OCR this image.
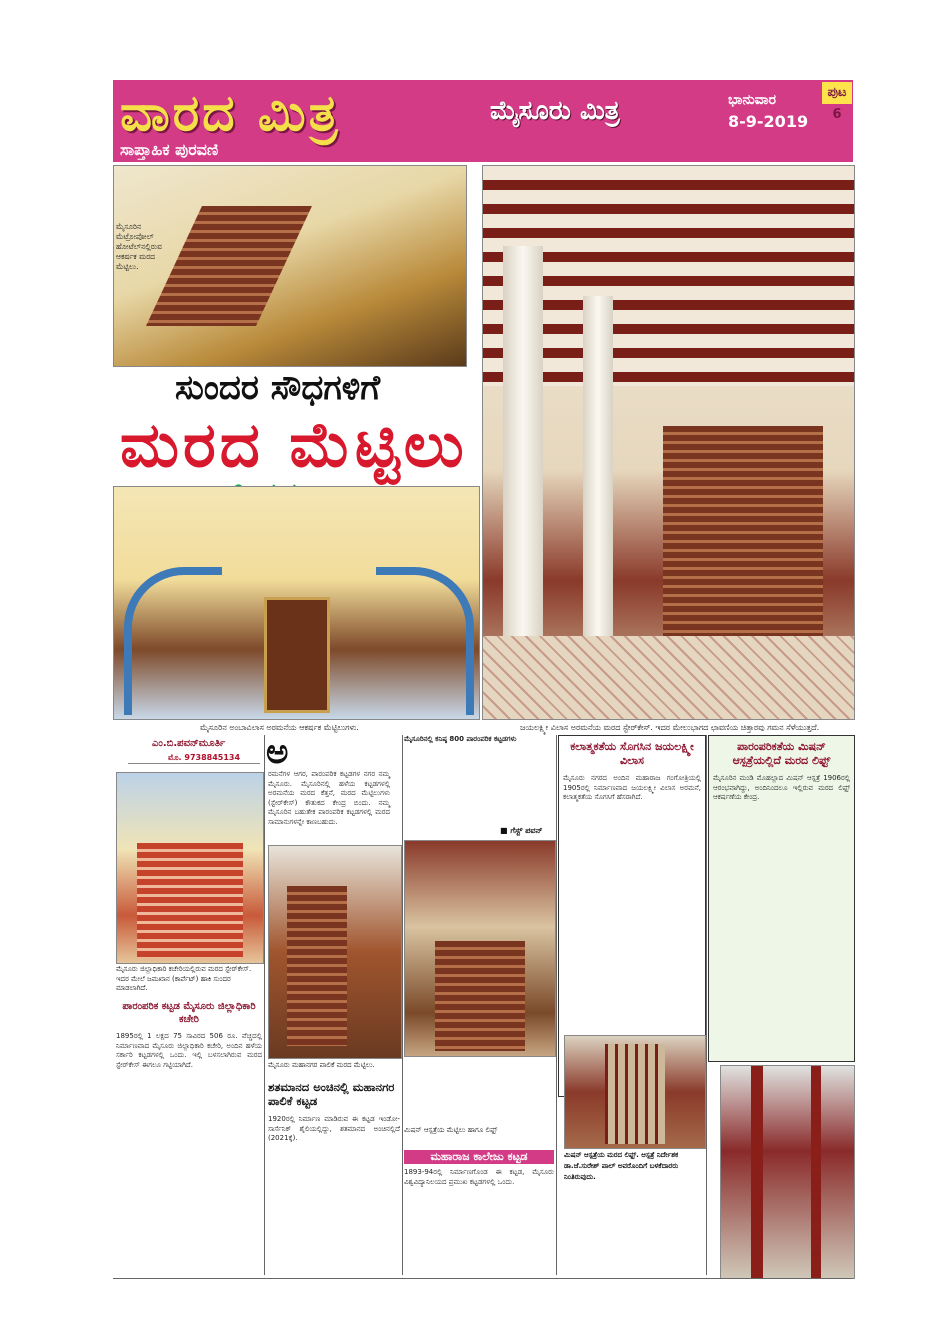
ವಾರದ ಮಿತ್ರ
ಸಾಪ್ತಾಹಿಕ ಪುರವಣಿ
ಮೈಸೂರು ಮಿತ್ರ	ಭಾನುವಾರ
8-9-2019
ಪುಟ 6
ಮೈಸೂರಿನ ಮೆಟ್ರೋಪೋಲ್ ಹೋಟೆಲ್‌ನಲ್ಲಿರುವ ಆಕರ್ಷಕ ಮರದ ಮೆಟ್ಟಿಲು.
ಸುಂದರ ಸೌಧಗಳಿಗೆ
ಮರದ ಮೆಟ್ಟಿಲು
ಮೈಸೂರಿನ ಅಂಬಾವಿಲಾಸ ಅರಮನೆಯ ಆಕರ್ಷಕ ಮೆಟ್ಟಿಲುಗಳು.	ಜಯಲಕ್ಷ್ಮೀ ವಿಲಾಸ ಅರಮನೆಯ ಮರದ ಸ್ಟೇರ್‌ಕೇಸ್. ಇದರ ಮೇಲುಭಾಗದ ಛಾವಣಿಯ ಚಿತ್ತಾರವು ಗಮನ ಸೆಳೆಯುತ್ತದೆ.
ಎಂ.ಬಿ.ಪವನ್‌ಮೂರ್ತಿ
ಮೊ. 9738845134
ಮೈಸೂರು ಜಿಲ್ಲಾಧಿಕಾರಿ ಕಚೇರಿಯಲ್ಲಿರುವ ಮರದ ಸ್ಟೇರ್‌ಕೇಸ್. ಇದರ ಮೇಲೆ ಜಮಖಾನ (ಕಾರ್ಪೆಟ್) ಹಾಕಿ ಸುಂದರ ಮಾಡಲಾಗಿದೆ.
ಪಾರಂಪರಿಕ ಕಟ್ಟಡ ಮೈಸೂರು ಜಿಲ್ಲಾಧಿಕಾರಿ ಕಚೇರಿ
1895ರಲ್ಲಿ 1 ಲಕ್ಷದ 75 ಸಾವಿರದ 506 ರೂ. ವೆಚ್ಚದಲ್ಲಿ ನಿರ್ಮಾಣವಾದ ಮೈಸೂರು ಜಿಲ್ಲಾಧಿಕಾರಿ ಕಚೇರಿ, ಅಂದಿನ ಹಳೆಯ ಸರ್ಕಾರಿ ಕಟ್ಟಡಗಳಲ್ಲಿ ಒಂದು. ಇಲ್ಲಿ ಬಳಸಲಾಗಿರುವ ಮರದ ಸ್ಟೇರ್‌ಕೇಸ್ ಈಗಲೂ ಗಟ್ಟಿಯಾಗಿದೆ.
ಅ
ರಮನೆಗಳ ಆಗರ, ಪಾರಂಪರಿಕ ಕಟ್ಟಡಗಳ ನಗರ ನಮ್ಮ ಮೈಸೂರು. ಮೈಸೂರಿನಲ್ಲಿ ಹಳೆಯ ಕಟ್ಟಡಗಳಲ್ಲಿ ಅರಮನೆಯ ಮರದ ಕೆತ್ತನೆ, ಮರದ ಮೆಟ್ಟಿಲುಗಳು (ಸ್ಟೇರ್‌ಕೇಸ್) ಕೌತುಕದ ಕೇಂದ್ರ ಬಿಂದು. ನಮ್ಮ ಮೈಸೂರಿನ ಬಹುತೇಕ ಪಾರಂಪರಿಕ ಕಟ್ಟಡಗಳಲ್ಲಿ ಮರದ ಸಾಮಾನುಗಳನ್ನೇ ಕಾಣಬಹುದು.
ಮೈಸೂರು ಮಹಾನಗರ ಪಾಲಿಕೆ ಮರದ ಮೆಟ್ಟಿಲು.
ಶತಮಾನದ ಅಂಚಿನಲ್ಲಿ ಮಹಾನಗರ ಪಾಲಿಕೆ ಕಟ್ಟಡ
1920ರಲ್ಲಿ ನಿರ್ಮಾಣ ಮಾಡಿರುವ ಈ ಕಟ್ಟಡ ಇಂಡೋ-ಸಾರ್ಸೆನಿಕ್ ಶೈಲಿಯಲ್ಲಿದ್ದು, ಶತಮಾನದ ಅಂಚಿನಲ್ಲಿದೆ (2021ಕ್ಕೆ).
ಮೈಸೂರಿನಲ್ಲಿ ಕನಿಷ್ಠ 800 ಪಾರಂಪರಿಕ ಕಟ್ಟಡಗಳು
■ ಗೆಸ್ಟ್‌ ಪವನ್
ಮಿಷನ್ ಆಸ್ಪತ್ರೆಯ ಮೆಟ್ಟಿಲು ಹಾಗೂ ಲಿಫ್ಟ್
ಮಹಾರಾಜ ಕಾಲೇಜು ಕಟ್ಟಡ
1893-94ರಲ್ಲಿ ನಿರ್ಮಾಣಗೊಂಡ ಈ ಕಟ್ಟಡ, ಮೈಸೂರು ವಿಶ್ವವಿದ್ಯಾನಿಲಯದ ಪ್ರಮುಖ ಕಟ್ಟಡಗಳಲ್ಲಿ ಒಂದು.
ಕಲಾತ್ಮಕತೆಯ ಸೊಗಸಿನ ಜಯಲಕ್ಷ್ಮೀ ವಿಲಾಸ
ಮೈಸೂರು ನಗರದ ಅಂದಿನ ಮಹಾರಾಜ ಗಂಗೋತ್ರಿಯಲ್ಲಿ 1905ರಲ್ಲಿ ನಿರ್ಮಾಣವಾದ ಜಯಲಕ್ಷ್ಮೀ ವಿಲಾಸ ಅರಮನೆ, ಕಲಾತ್ಮಕತೆಯ ಸೊಗಸಿಗೆ ಹೆಸರಾಗಿದೆ.
ಮಿಷನ್ ಆಸ್ಪತ್ರೆಯ ಮರದ ಲಿಫ್ಟ್. ಆಸ್ಪತ್ರೆ ನಿರ್ದೇಶಕ ಡಾ.ಜೆ.ಸುರೇಶ್ ಪಾಲ್ ಅವರೊಂದಿಗೆ ಬಳಕೆದಾರರು ನಿಂತಿರುವುದು.
ಪಾರಂಪರಿಕತೆಯ ಮಿಷನ್ ಆಸ್ಪತ್ರೆಯಲ್ಲಿದೆ ಮರದ ಲಿಫ್ಟ್
ಮೈಸೂರಿನ ಮಂಡಿ ಮೊಹಲ್ಲಾದ ಮಿಷನ್ ಆಸ್ಪತ್ರೆ 1906ರಲ್ಲಿ ಆರಂಭವಾಗಿದ್ದು, ಅಂದಿನಿಂದಲೂ ಇಲ್ಲಿರುವ ಮರದ ಲಿಫ್ಟ್ ಆಕರ್ಷಣೆಯ ಕೇಂದ್ರ.
